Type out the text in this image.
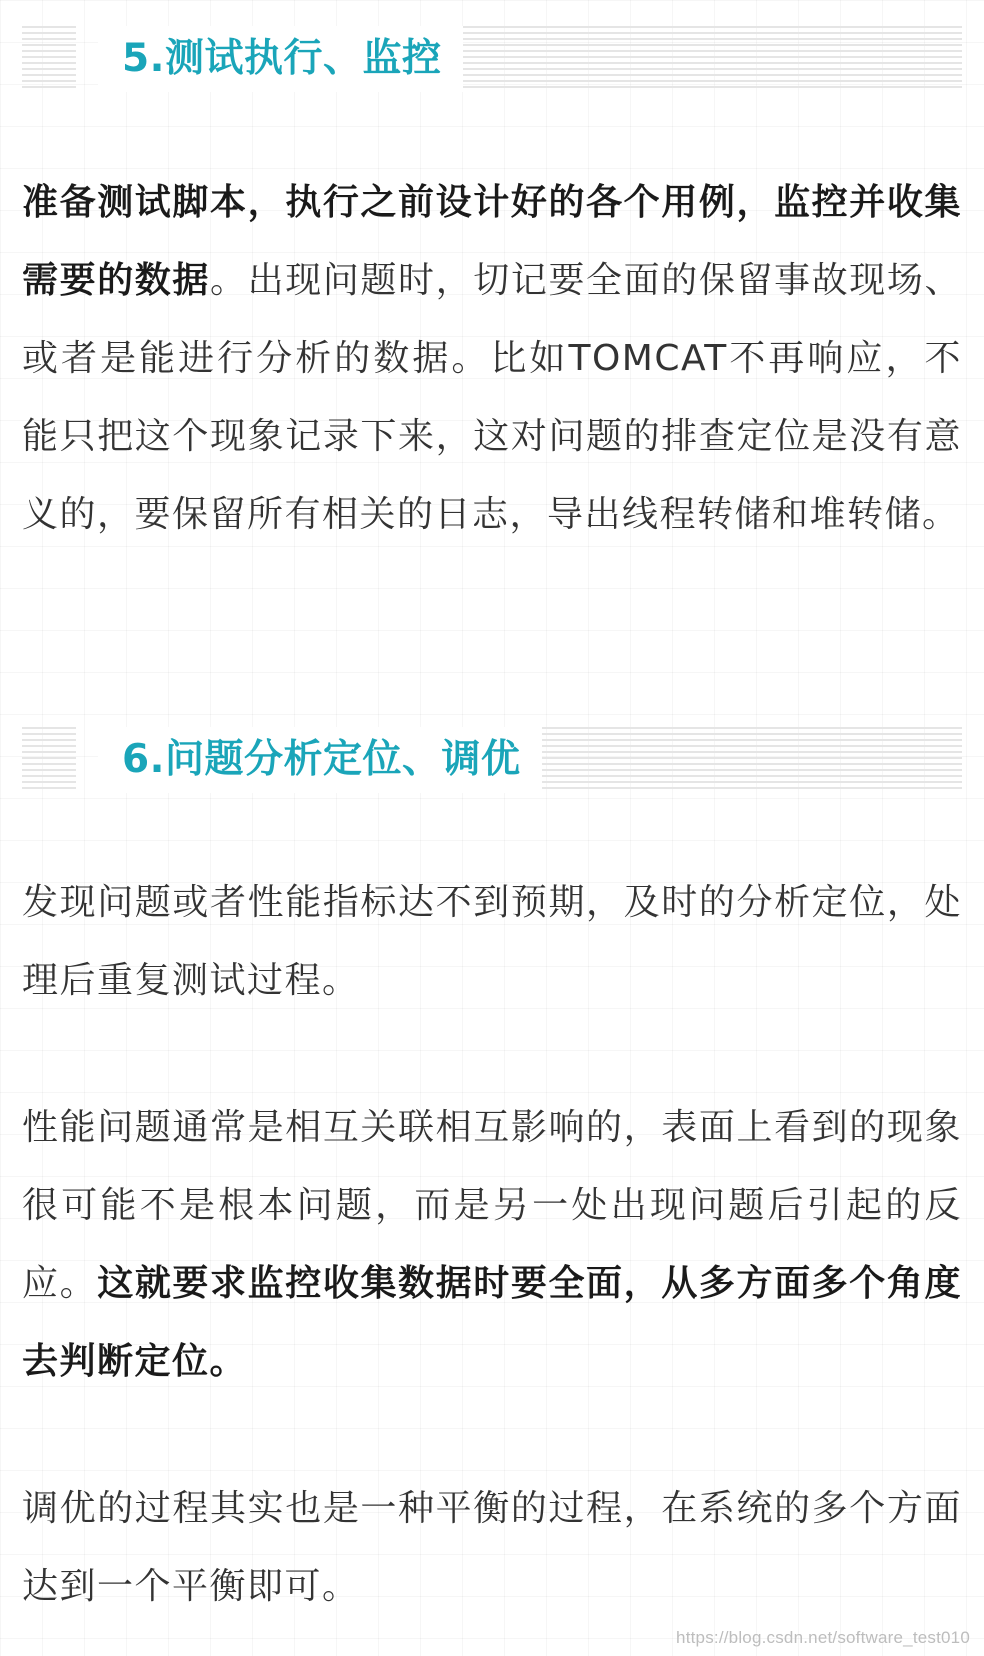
5.测试执行、监控

准备测试脚本，执行之前设计好的各个用例，监控并收集需要的数据。出现问题时，切记要全面的保留事故现场、或者是能进行分析的数据。比如TOMCAT不再响应，不能只把这个现象记录下来，这对问题的排查定位是没有意义的，要保留所有相关的日志，导出线程转储和堆转储。

6.问题分析定位、调优

发现问题或者性能指标达不到预期，及时的分析定位，处理后重复测试过程。

性能问题通常是相互关联相互影响的，表面上看到的现象很可能不是根本问题，而是另一处出现问题后引起的反应。这就要求监控收集数据时要全面，从多方面多个角度去判断定位。

调优的过程其实也是一种平衡的过程，在系统的多个方面达到一个平衡即可。

https://blog.csdn.net/software_test010
